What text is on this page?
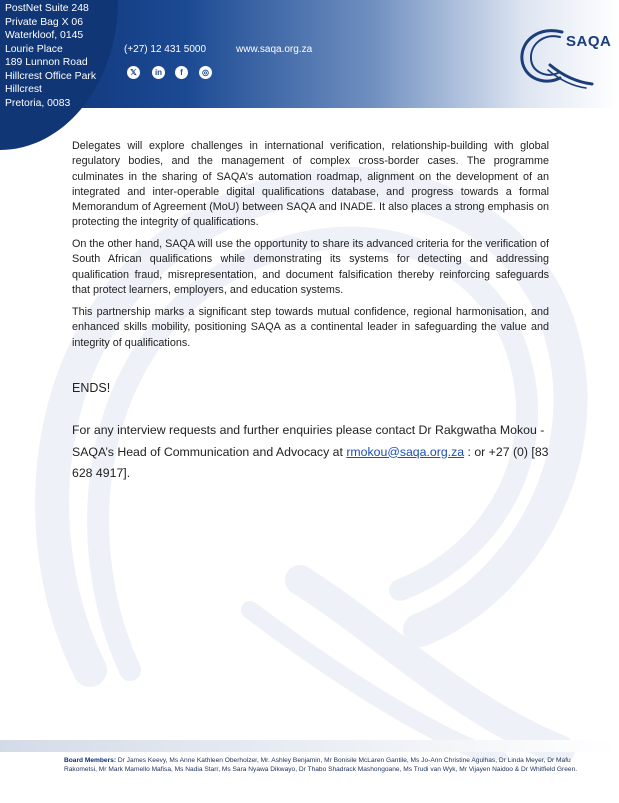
PostNet Suite 248
Private Bag X 06
Waterkloof, 0145
Lourie Place
189 Lunnon Road
Hillcrest Office Park
Hillcrest
Pretoria, 0083
(+27) 12 431 5000	www.saqa.org.za
𝕏	in	f	◎
SAQA
Delegates will explore challenges in international verification, relationship-building with global regulatory bodies, and the management of complex cross-border cases. The programme culminates in the sharing of SAQA’s automation roadmap, alignment on the development of an integrated and inter-operable digital qualifications database, and progress towards a formal Memorandum of Agreement (MoU) between SAQA and INADE. It also places a strong emphasis on protecting the integrity of qualifications.
On the other hand, SAQA will use the opportunity to share its advanced criteria for the verification of South African qualifications while demonstrating its systems for detecting and addressing qualification fraud, misrepresentation, and document falsification thereby reinforcing safeguards that protect learners, employers, and education systems.
This partnership marks a significant step towards mutual confidence, regional harmonisation, and enhanced skills mobility, positioning SAQA as a continental leader in safeguarding the value and integrity of qualifications.
ENDS!
For any interview requests and further enquiries please contact Dr Rakgwatha Mokou - SAQA’s Head of Communication and Advocacy at rmokou@saqa.org.za : or +27 (0) [83 628 4917].
Board Members: Dr James Keevy, Ms Anne Kathleen Oberholzer, Mr. Ashley Benjamin, Mr Bonisile McLaren Gantile, Ms Jo-Ann Christine Agulhas, Dr Linda Meyer, Dr Mafu Rakometsi, Mr Mark Mamello Mafisa, Ms Nadia Starr, Ms Sara Nyawa Dikwayo, Dr Thabo Shadrack Mashongoane, Ms Trudi van Wyk, Mr Vijayen Naidoo & Dr Whitfield Green.
